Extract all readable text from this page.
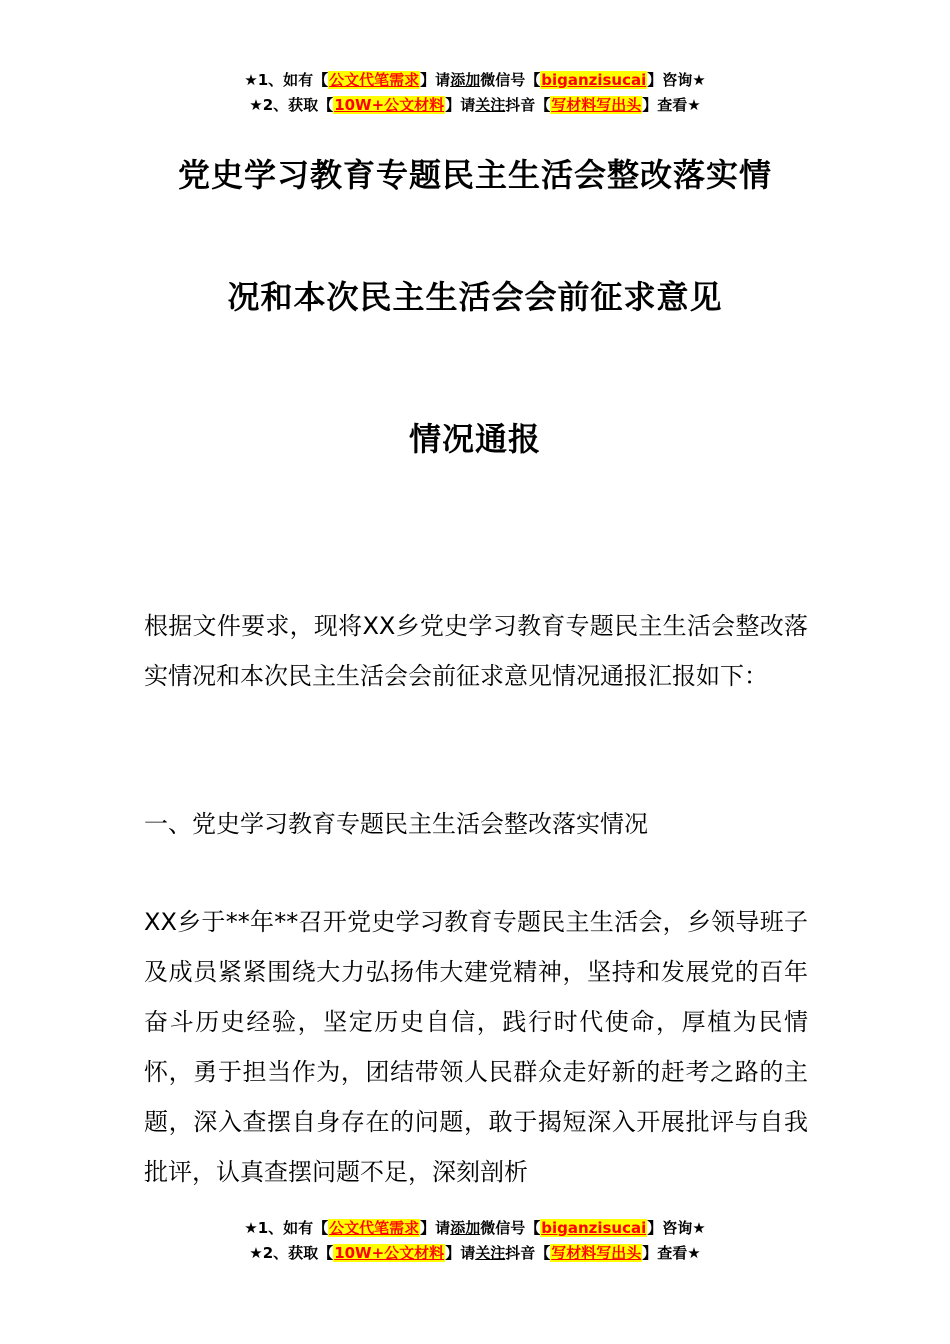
★1、如有【公文代笔需求】请添加微信号【biganzisucai】咨询★
★2、获取【10W+公文材料】请关注抖音【写材料写出头】查看★
党史学习教育专题民主生活会整改落实情
况和本次民主生活会会前征求意见
情况通报

根据文件要求，现将XX乡党史学习教育专题民主生活会整改落实情况和本次民主生活会会前征求意见情况通报汇报如下：

一、党史学习教育专题民主生活会整改落实情况

XX乡于**年**召开党史学习教育专题民主生活会，乡领导班子及成员紧紧围绕大力弘扬伟大建党精神，坚持和发展党的百年奋斗历史经验，坚定历史自信，践行时代使命，厚植为民情怀，勇于担当作为，团结带领人民群众走好新的赶考之路的主题，深入查摆自身存在的问题，敢于揭短深入开展批评与自我批评，认真查摆问题不足，深刻剖析

★1、如有【公文代笔需求】请添加微信号【biganzisucai】咨询★
★2、获取【10W+公文材料】请关注抖音【写材料写出头】查看★
